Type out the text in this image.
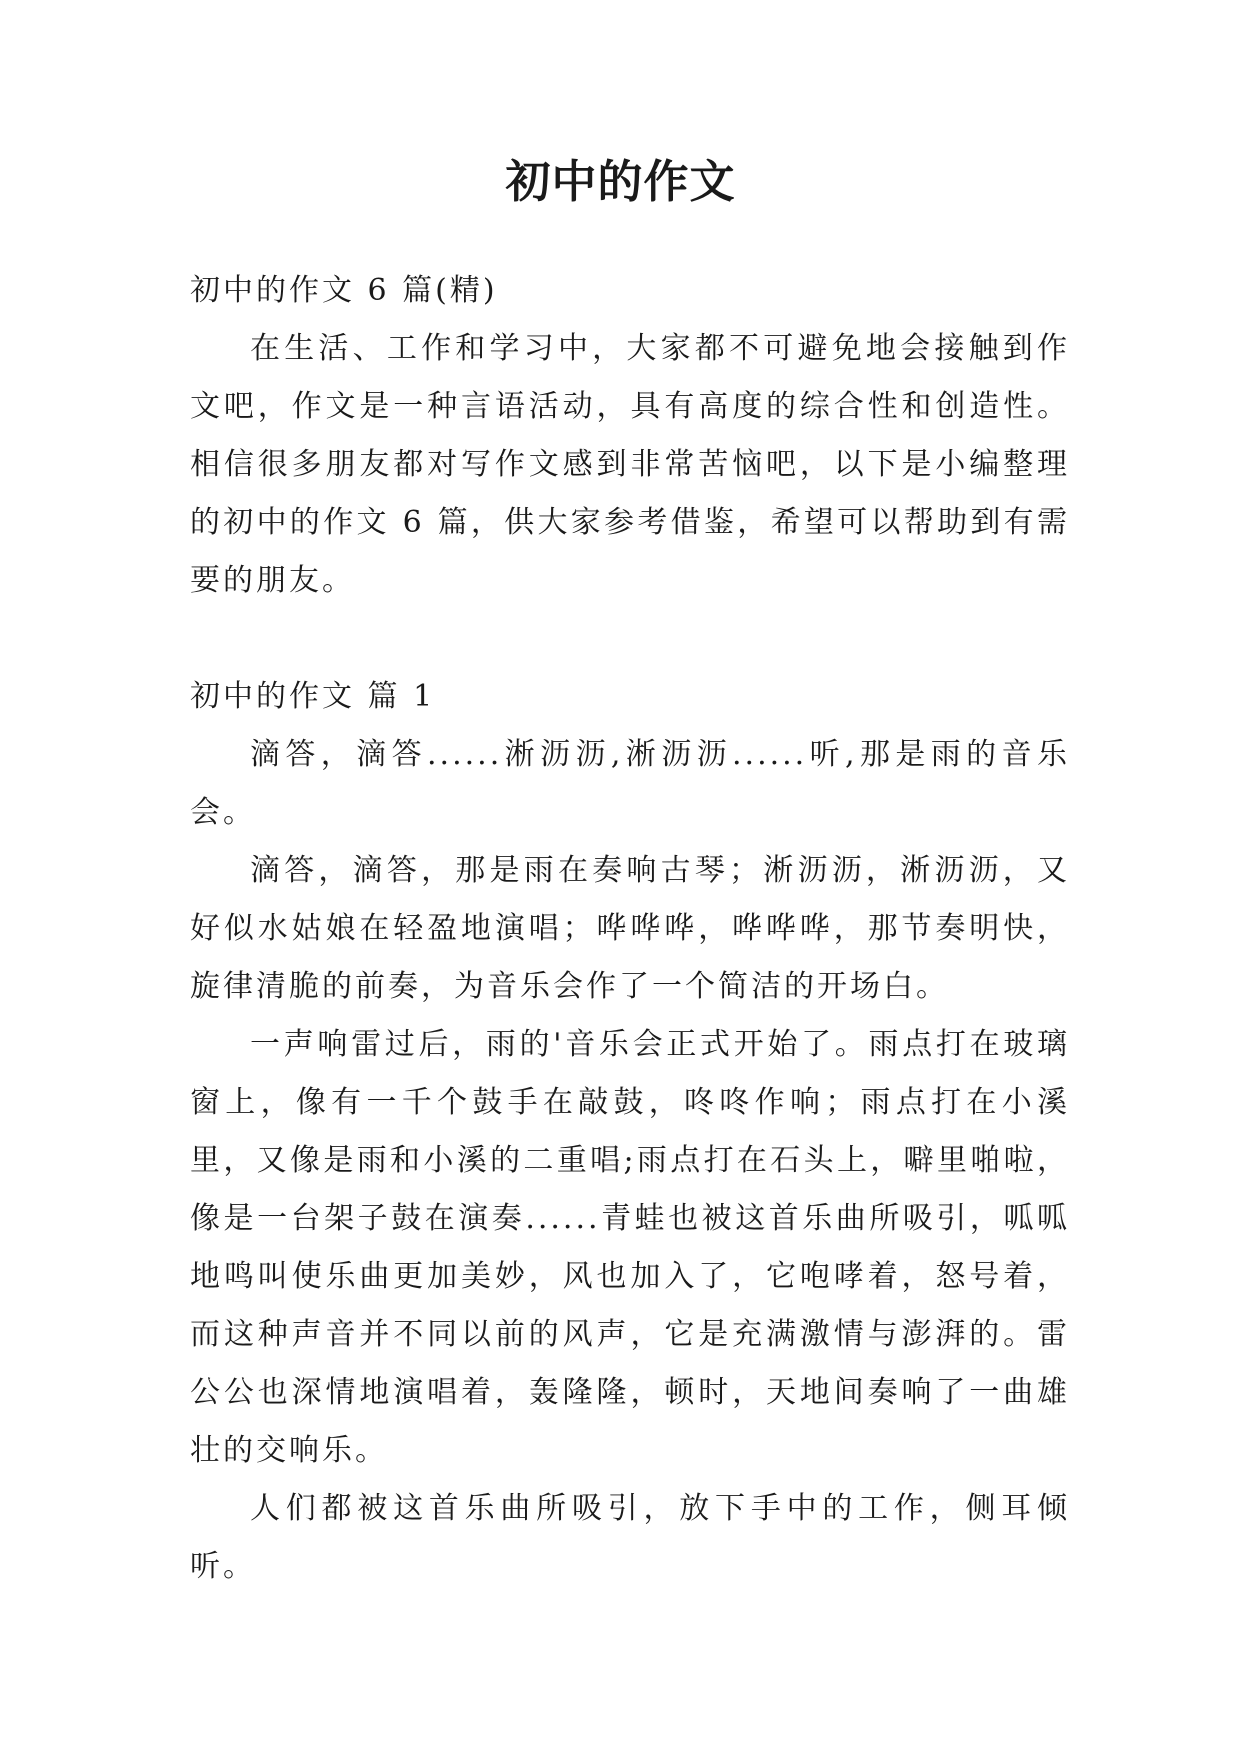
初中的作文

初中的作文 6 篇(精)

在生活、工作和学习中，大家都不可避免地会接触到作文吧，作文是一种言语活动，具有高度的综合性和创造性。相信很多朋友都对写作文感到非常苦恼吧，以下是小编整理的初中的作文 6 篇，供大家参考借鉴，希望可以帮助到有需要的朋友。

初中的作文 篇 1

滴答，滴答......淅沥沥,淅沥沥......听,那是雨的音乐会。

滴答，滴答，那是雨在奏响古琴；淅沥沥，淅沥沥，又好似水姑娘在轻盈地演唱；哗哗哗，哗哗哗，那节奏明快，旋律清脆的前奏，为音乐会作了一个简洁的开场白。

一声响雷过后，雨的'音乐会正式开始了。雨点打在玻璃窗上，像有一千个鼓手在敲鼓，咚咚作响；雨点打在小溪里，又像是雨和小溪的二重唱;雨点打在石头上，噼里啪啦，像是一台架子鼓在演奏......青蛙也被这首乐曲所吸引，呱呱地鸣叫使乐曲更加美妙，风也加入了，它咆哮着，怒号着，而这种声音并不同以前的风声，它是充满激情与澎湃的。雷公公也深情地演唱着，轰隆隆，顿时，天地间奏响了一曲雄壮的交响乐。

人们都被这首乐曲所吸引，放下手中的工作，侧耳倾听。
